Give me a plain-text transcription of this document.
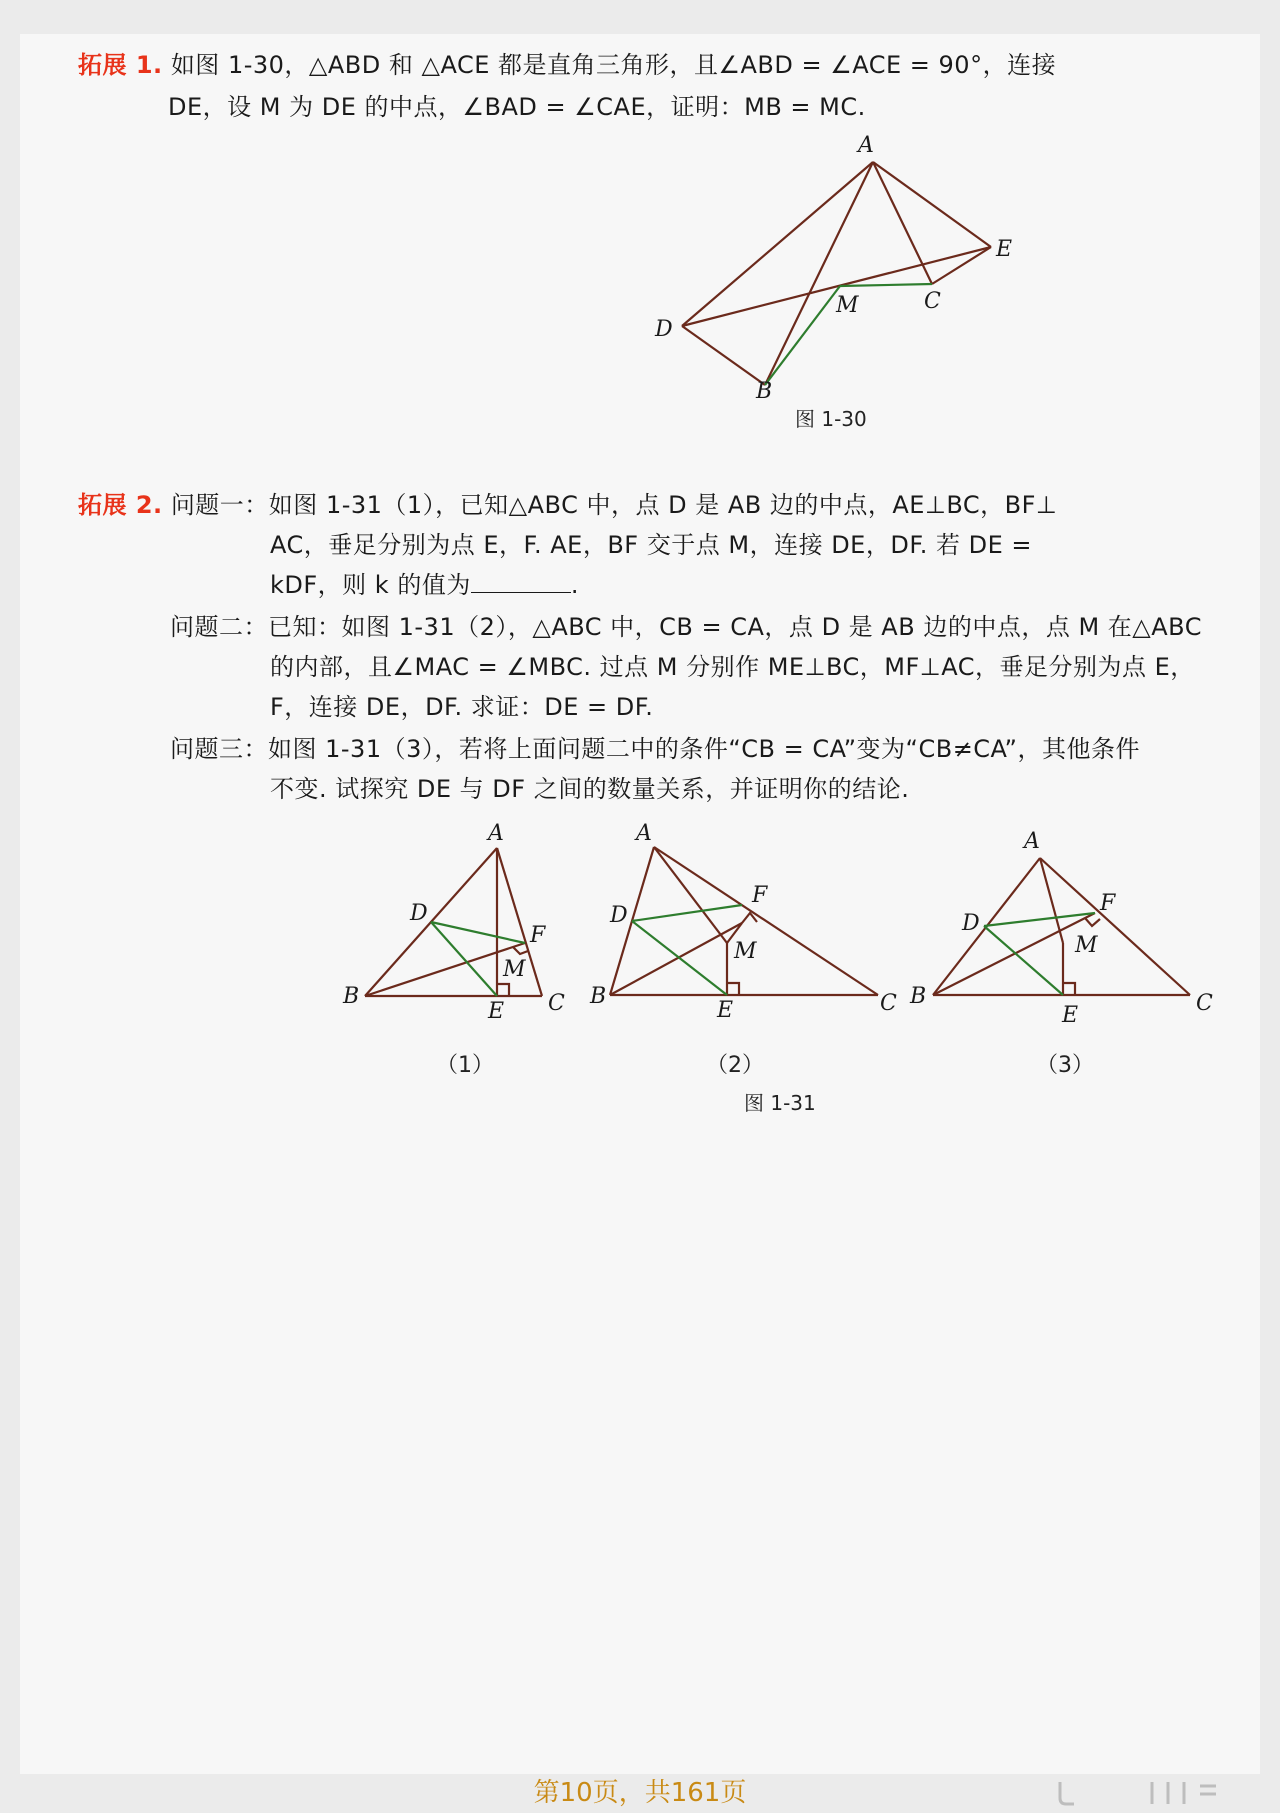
拓展 1. 如图 1-30，△ABD 和 △ACE 都是直角三角形，且∠ABD = ∠ACE = 90°，连接
DE，设 M 为 DE 的中点，∠BAD = ∠CAE，证明：MB = MC.
A
E
C
M
D
B
图 1-30
拓展 2. 问题一：如图 1-31（1），已知△ABC 中，点 D 是 AB 边的中点，AE⊥BC，BF⊥
AC，垂足分别为点 E，F. AE，BF 交于点 M，连接 DE，DF. 若 DE =
kDF，则 k 的值为	.
问题二：已知：如图 1-31（2），△ABC 中，CB = CA，点 D 是 AB 边的中点，点 M 在△ABC
的内部，且∠MAC = ∠MBC. 过点 M 分别作 ME⊥BC，MF⊥AC，垂足分别为点 E，
F，连接 DE，DF. 求证：DE = DF.
问题三：如图 1-31（3），若将上面问题二中的条件“CB = CA”变为“CB≠CA”，其他条件
不变. 试探究 DE 与 DF 之间的数量关系，并证明你的结论.
A
D
F
M
B
E C
A
F
D
M
B
E	C
A
F
D
M
B
E	C
（1）	（2）	（3）
图 1-31
第10页，共161页
